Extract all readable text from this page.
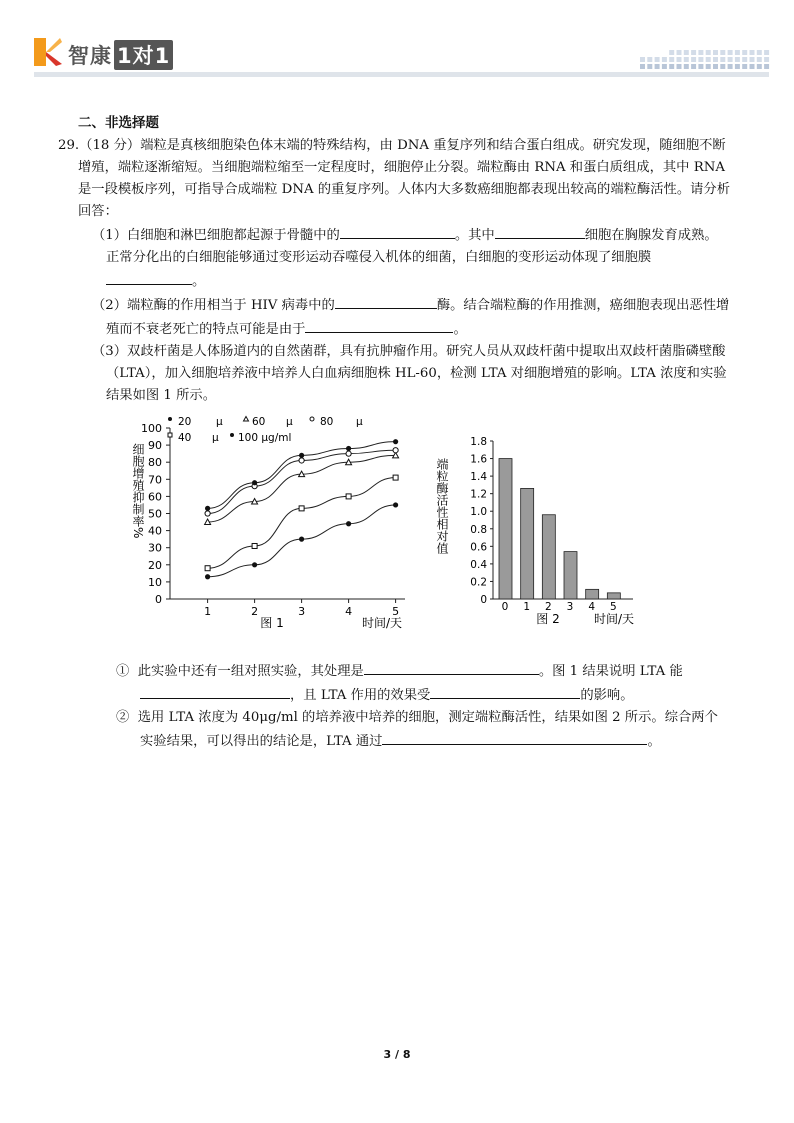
智康 1对1
二、非选择题

29.（18 分）端粒是真核细胞染色体末端的特殊结构，由 DNA 重复序列和结合蛋白组成。研究发现，随细胞不断增殖，端粒逐渐缩短。当细胞端粒缩至一定程度时，细胞停止分裂。端粒酶由 RNA 和蛋白质组成，其中 RNA 是一段模板序列，可指导合成端粒 DNA 的重复序列。人体内大多数癌细胞都表现出较高的端粒酶活性。请分析回答：

（1）白细胞和淋巴细胞都起源于骨髓中的	。其中	细胞在胸腺发育成熟。正常分化出的白细胞能够通过变形运动吞噬侵入机体的细菌，白细胞的变形运动体现了细胞膜。

（2）端粒酶的作用相当于 HIV 病毒中的	酶。结合端粒酶的作用推测，癌细胞表现出恶性增殖而不衰老死亡的特点可能是由于	。

（3）双歧杆菌是人体肠道内的自然菌群，具有抗肿瘤作用。研究人员从双歧杆菌中提取出双歧杆菌脂磷壁酸（LTA），加入细胞培养液中培养人白血病细胞株 HL-60，检测 LTA 对细胞增殖的影响。LTA 浓度和实验结果如图 1 所示。

0
10
20
30
40
50
60
70
80
90
100
1	2	3	4	5
细胞增殖抑制率%
时间/天
图 1
20 μ	60 μ	80 μ
40 μ 100 μg/ml
0
0.2
0.4
0.6
0.8
1.0
1.2
1.4
1.6
1.8
0 1 2 3 4 5
端粒酶活性相对值
图 2	时间/天

① 此实验中还有一组对照实验，其处理是	。图 1 结果说明 LTA 能，且 LTA 作用的效果受	的影响。

② 选用 LTA 浓度为 40μg/ml 的培养液中培养的细胞，测定端粒酶活性，结果如图 2 所示。综合两个实验结果，可以得出的结论是，LTA 通过	。

3 / 8
